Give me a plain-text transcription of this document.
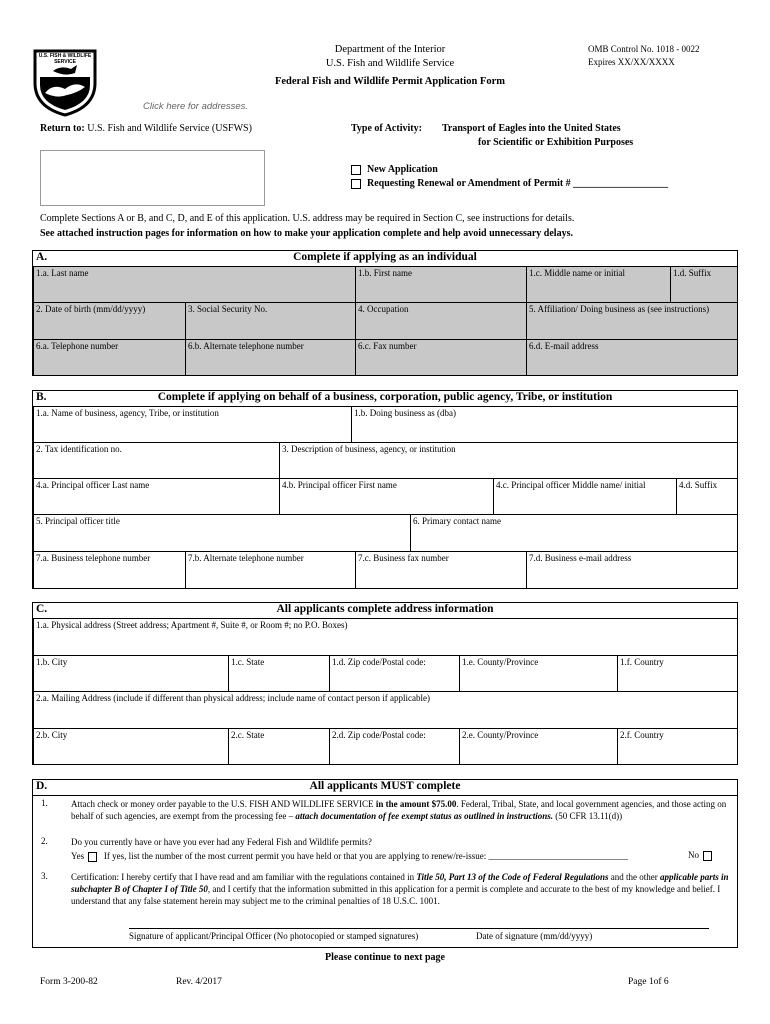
U.S. FISH & WILDLIFE SERVICE
Department of the Interior
U.S. Fish and Wildlife Service
Federal Fish and Wildlife Permit Application Form
OMB Control No. 1018 - 0022
Expires XX/XX/XXXX
Click here for addresses.
Return to: U.S. Fish and Wildlife Service (USFWS)	Type of Activity: Transport of Eagles into the United States
for Scientific or Exhibition Purposes
New Application
Requesting Renewal or Amendment of Permit # ___________________
Complete Sections A or B, and C, D, and E of this application. U.S. address may be required in Section C, see instructions for details.
See attached instruction pages for information on how to make your application complete and help avoid unnecessary delays.
A.	Complete if applying as an individual
1.a. Last name	1.b. First name	1.c. Middle name or initial	1.d. Suffix
2. Date of birth (mm/dd/yyyy)	3. Social Security No.	4. Occupation	5. Affiliation/ Doing business as (see instructions)
6.a. Telephone number	6.b. Alternate telephone number	6.c. Fax number	6.d. E-mail address
B.	Complete if applying on behalf of a business, corporation, public agency, Tribe, or institution
1.a. Name of business, agency, Tribe, or institution	1.b. Doing business as (dba)
2. Tax identification no.	3. Description of business, agency, or institution
4.a. Principal officer Last name	4.b. Principal officer First name	4.c. Principal officer Middle name/ initial	4.d. Suffix
5. Principal officer title	6. Primary contact name
7.a. Business telephone number	7.b. Alternate telephone number	7.c. Business fax number	7.d. Business e-mail address
C.	All applicants complete address information
1.a. Physical address (Street address; Apartment #, Suite #, or Room #; no P.O. Boxes)
1.b. City	1.c. State	1.d. Zip code/Postal code:	1.e. County/Province	1.f. Country
2.a. Mailing Address (include if different than physical address; include name of contact person if applicable)
2.b. City	2.c. State	2.d. Zip code/Postal code:	2.e. County/Province	2.f. Country
D.	All applicants MUST complete
1.	Attach check or money order payable to the U.S. FISH AND WILDLIFE SERVICE in the amount $75.00. Federal, Tribal, State, and local government agencies, and those acting on behalf of such agencies, are exempt from the processing fee – attach documentation of fee exempt status as outlined in instructions. (50 CFR 13.11(d))
2.	Do you currently have or have you ever had any Federal Fish and Wildlife permits?
Yes If yes, list the number of the most current permit you have held or that you are applying to renew/re-issue: _______________________________	No
3.	Certification: I hereby certify that I have read and am familiar with the regulations contained in Title 50, Part 13 of the Code of Federal Regulations and the other applicable parts in subchapter B of Chapter I of Title 50, and I certify that the information submitted in this application for a permit is complete and accurate to the best of my knowledge and belief. I understand that any false statement herein may subject me to the criminal penalties of 18 U.S.C. 1001.
Signature of applicant/Principal Officer (No photocopied or stamped signatures)	Date of signature (mm/dd/yyyy)
Please continue to next page
Form 3-200-82	Rev. 4/2017	Page 1of 6
